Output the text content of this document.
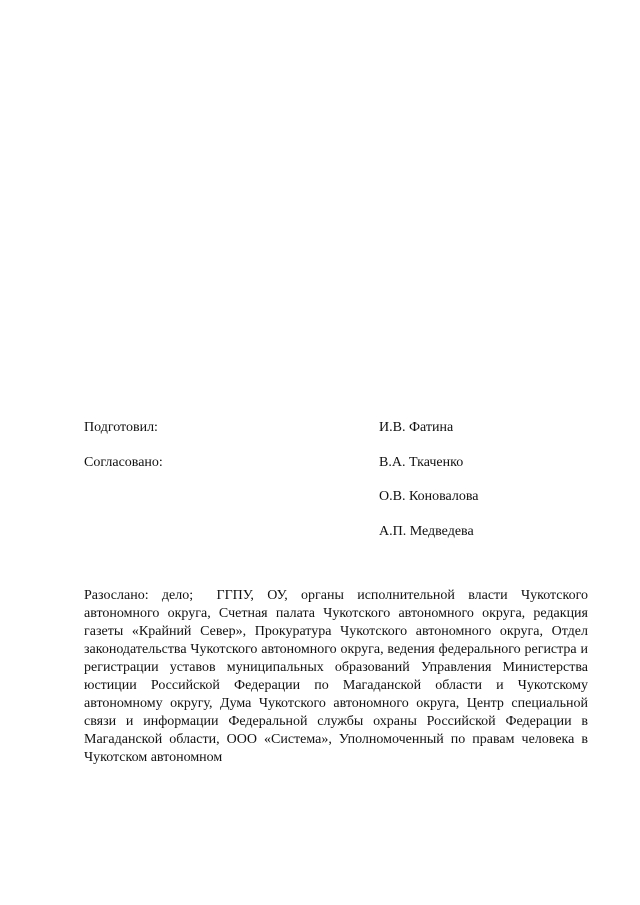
Подготовил:	И.В. Фатина
Согласовано:	В.А. Ткаченко
О.В. Коновалова
А.П. Медведева

Разослано: дело; ГГПУ, ОУ, органы исполнительной власти Чукотского автономного округа, Счетная палата Чукотского автономного округа, редакция газеты «Крайний Север», Прокуратура Чукотского автономного округа, Отдел законодательства Чукотского автономного округа, ведения федерального регистра и регистрации уставов муниципальных образований Управления Министерства юстиции Российской Федерации по Магаданской области и Чукотскому автономному округу, Дума Чукотского автономного округа, Центр специальной связи и информации Федеральной службы охраны Российской Федерации в Магаданской области, ООО «Система», Уполномоченный по правам человека в Чукотском автономном
